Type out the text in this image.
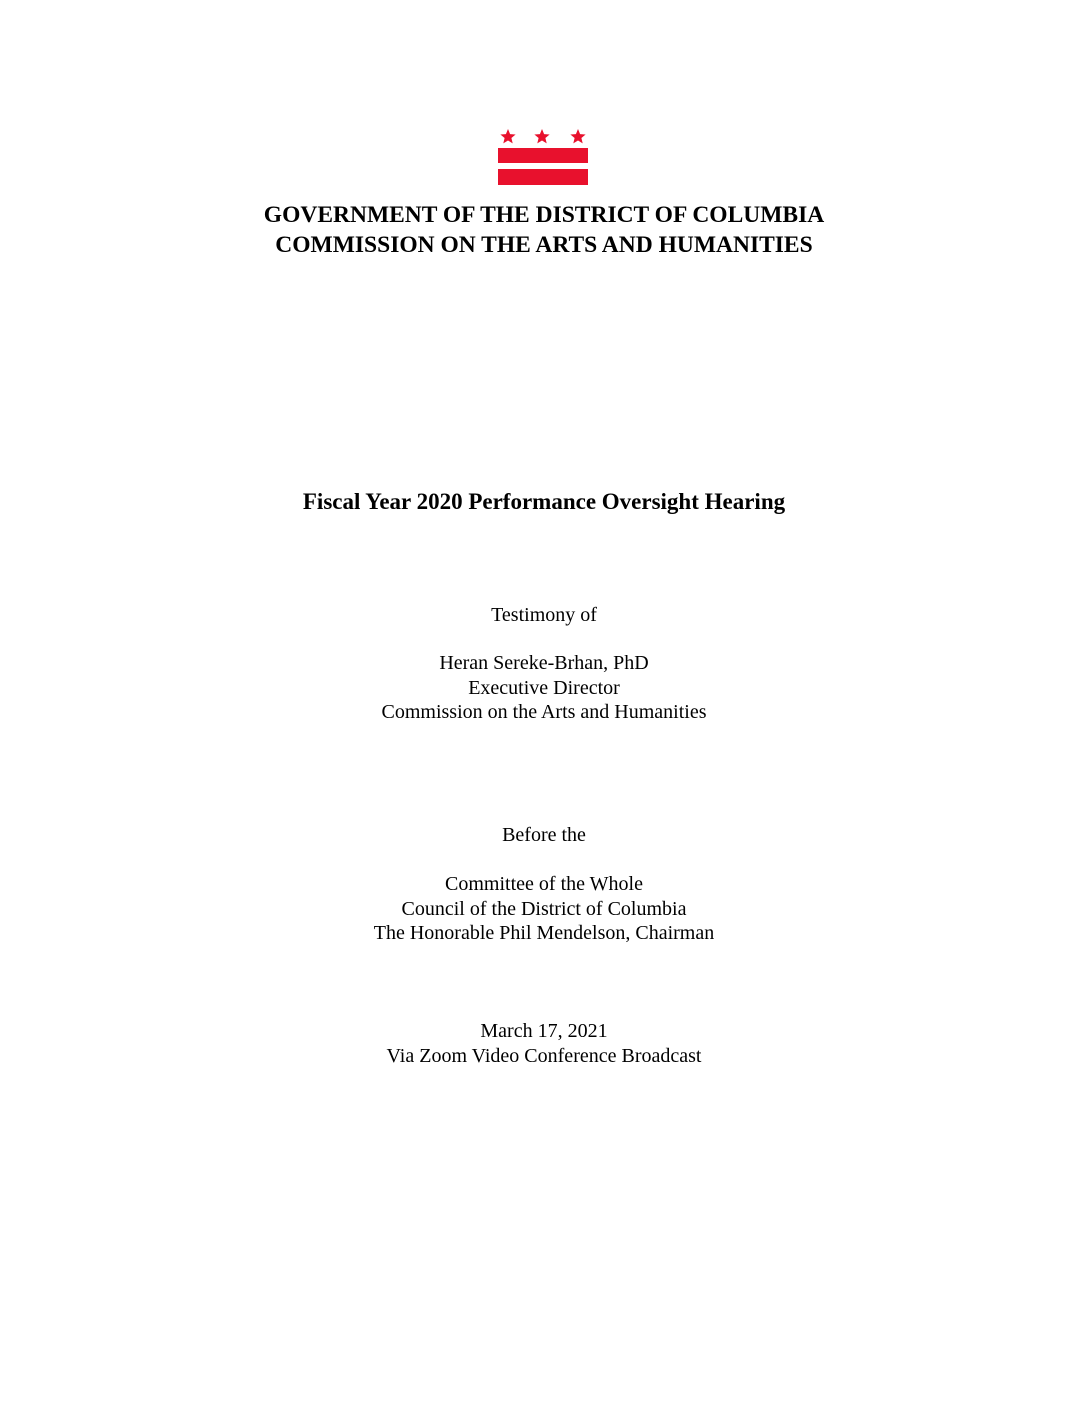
GOVERNMENT OF THE DISTRICT OF COLUMBIA
COMMISSION ON THE ARTS AND HUMANITIES
Fiscal Year 2020 Performance Oversight Hearing
Testimony of
Heran Sereke-Brhan, PhD
Executive Director
Commission on the Arts and Humanities
Before the
Committee of the Whole
Council of the District of Columbia
The Honorable Phil Mendelson, Chairman
March 17, 2021
Via Zoom Video Conference Broadcast
